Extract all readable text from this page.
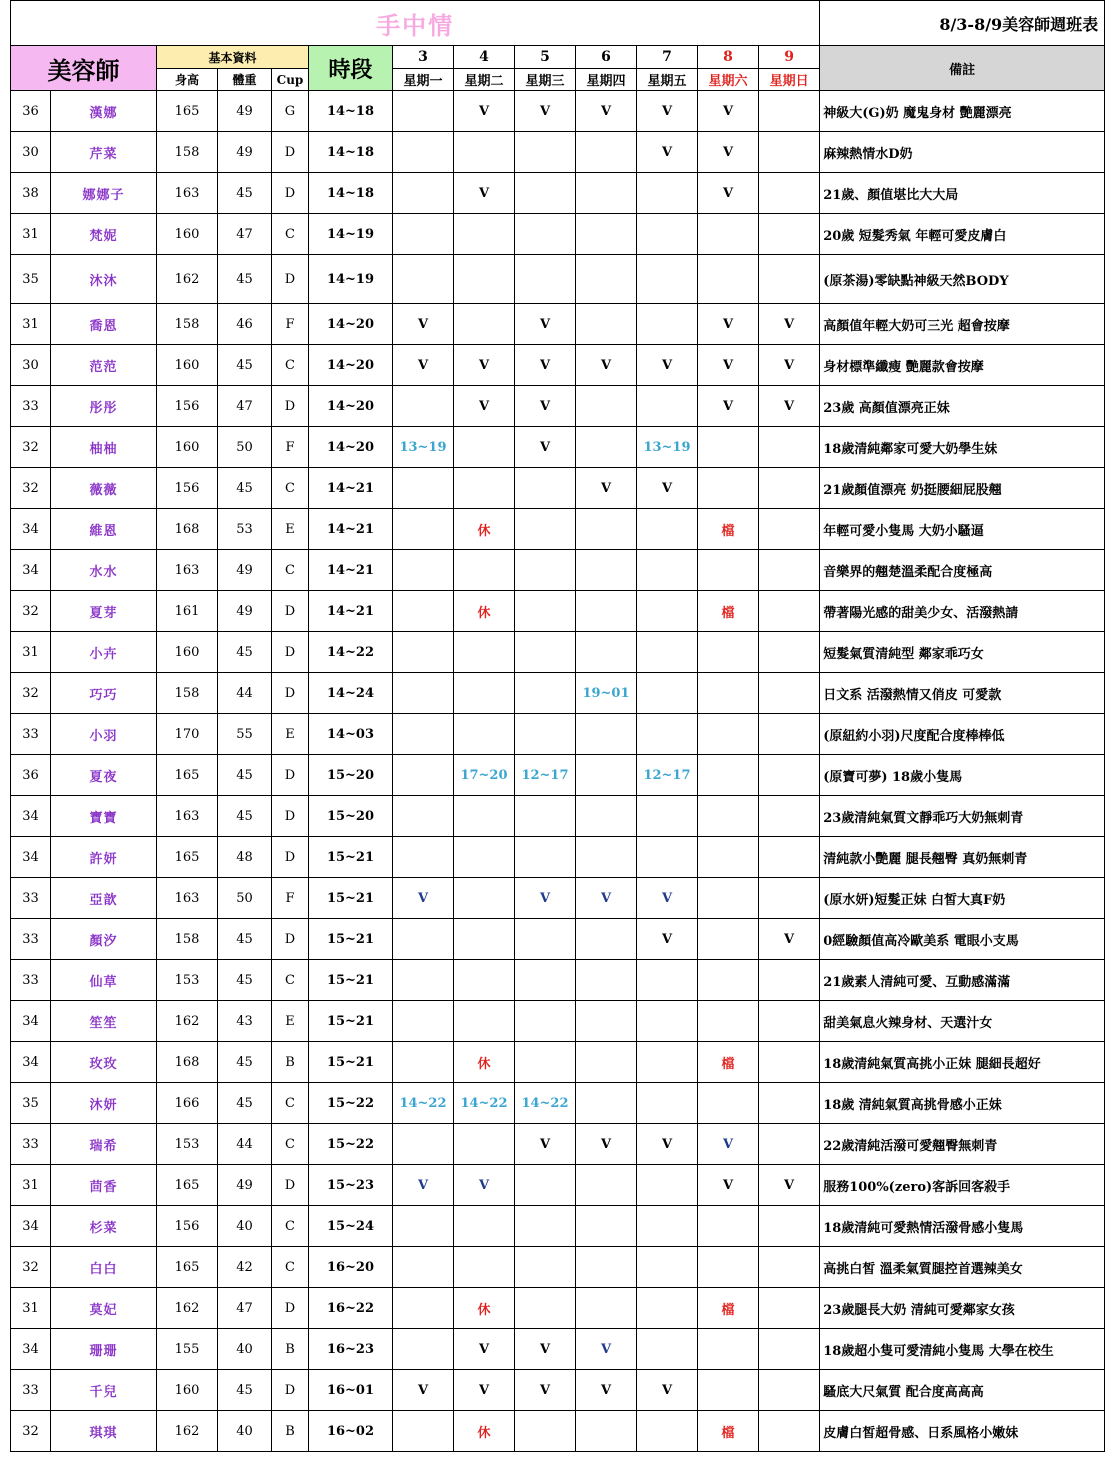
手中情													8/3-8/9美容師週班表
美容師		基本資料			時段	3	4	5	6	7	8	9	備註
		身高	體重	Cup		星期一	星期二	星期三	星期四	星期五	星期六	星期日	
36	漢娜	165	49	G	14~18		V	V	V	V	V		神級大(G)奶 魔鬼身材 艷麗漂亮
30	芹菜	158	49	D	14~18					V	V		麻辣熱情水D奶
38	娜娜子	163	45	D	14~18		V				V		21歲、顏值堪比大大局
31	梵妮	160	47	C	14~19								20歲 短髮秀氣 年輕可愛皮膚白
35	沐沐	162	45	D	14~19								(原茶湯)零缺點神級天然BODY
31	喬恩	158	46	F	14~20	V		V			V	V	高顏值年輕大奶可三光 超會按摩
30	范范	160	45	C	14~20	V	V	V	V	V	V	V	身材標準纖瘦 艷麗款會按摩
33	彤彤	156	47	D	14~20		V	V			V	V	23歲 高顏值漂亮正妹
32	柚柚	160	50	F	14~20	13~19		V		13~19			18歲清純鄰家可愛大奶學生妹
32	薇薇	156	45	C	14~21				V	V			21歲顏值漂亮 奶挺腰細屁股翹
34	維恩	168	53	E	14~21		休				檔		年輕可愛小隻馬 大奶小騷逼
34	水水	163	49	C	14~21								音樂界的翹楚溫柔配合度極高
32	夏芽	161	49	D	14~21		休				檔		帶著陽光感的甜美少女、活潑熱請
31	小卉	160	45	D	14~22								短髮氣質清純型 鄰家乖巧女
32	巧巧	158	44	D	14~24				19~01				日文系 活潑熱情又俏皮 可愛款
33	小羽	170	55	E	14~03								(原紐約小羽)尺度配合度棒棒低
36	夏夜	165	45	D	15~20		17~20	12~17		12~17			(原寶可夢) 18歲小隻馬
34	寶寶	163	45	D	15~20								23歲清純氣質文靜乖巧大奶無刺青
34	許妍	165	48	D	15~21								清純款小艷麗 腿長翹臀 真奶無刺青
33	亞歆	163	50	F	15~21	V		V	V	V			(原水妍)短髮正妹 白皙大真F奶
33	顏汐	158	45	D	15~21					V		V	0經驗顏值高冷歐美系 電眼小支馬
33	仙草	153	45	C	15~21								21歲素人清純可愛、互動感滿滿
34	笙笙	162	43	E	15~21								甜美氣息火辣身材、天選汁女
34	玫玫	168	45	B	15~21		休				檔		18歲清純氣質高挑小正妹 腿細長超好
35	沐妍	166	45	C	15~22	14~22	14~22	14~22					18歲 清純氣質高挑骨感小正妹
33	瑞希	153	44	C	15~22			V	V	V	V		22歲清純活潑可愛翹臀無刺青
31	茴香	165	49	D	15~23	V	V				V	V	服務100%(zero)客訴回客殺手
34	杉菜	156	40	C	15~24								18歲清純可愛熱情活潑骨感小隻馬
32	白白	165	42	C	16~20								高挑白皙 溫柔氣質腿控首選辣美女
31	莫妃	162	47	D	16~22		休				檔		23歲腿長大奶 清純可愛鄰家女孩
34	珊珊	155	40	B	16~23		V	V	V				18歲超小隻可愛清純小隻馬 大學在校生
33	千兒	160	45	D	16~01	V	V	V	V	V			騷底大尺氣質 配合度高高高
32	琪琪	162	40	B	16~02		休				檔		皮膚白皙超骨感、日系風格小嫩妹
